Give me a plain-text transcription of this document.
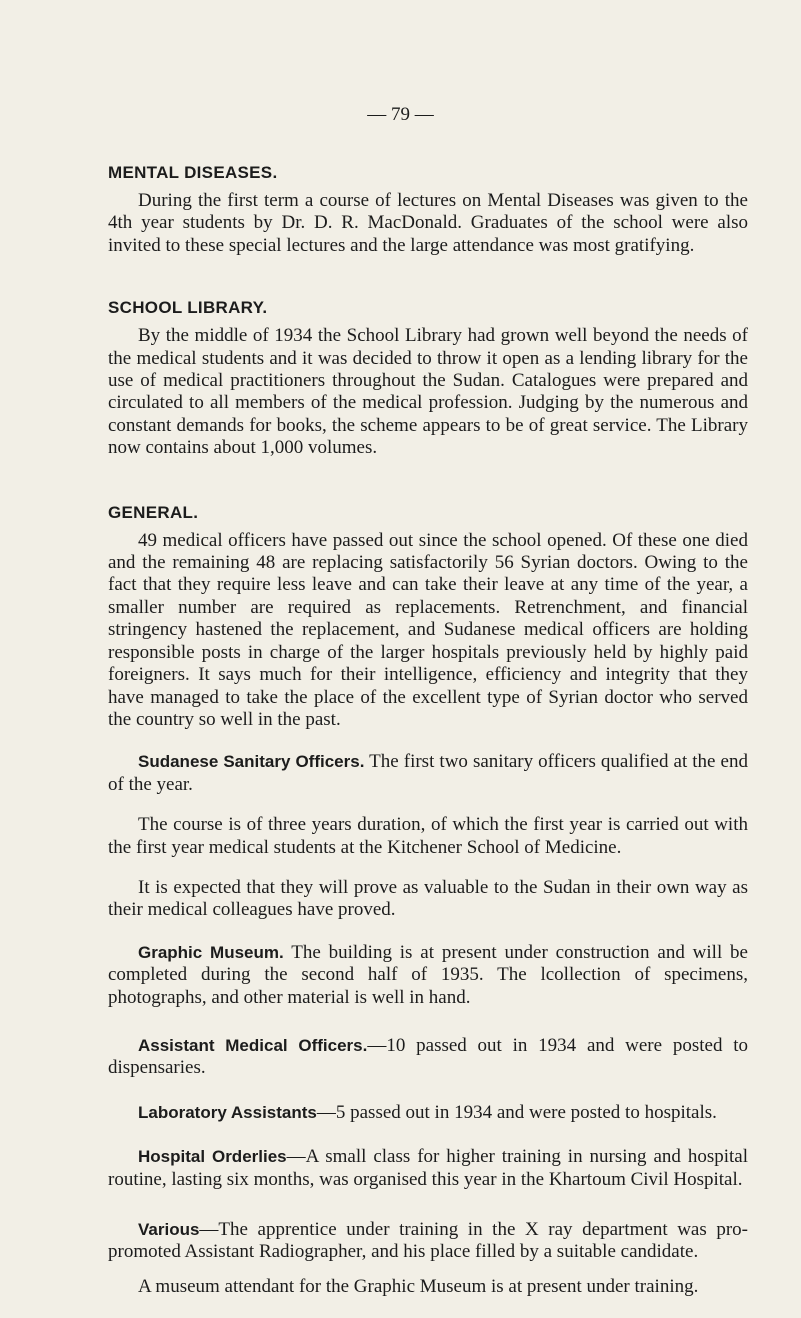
— 79 —
MENTAL DISEASES.

During the first term a course of lectures on Mental Diseases was given to the 4th year students by Dr. D. R. MacDonald. Graduates of the school were also invited to these special lectures and the large attendance was most gratifying.

SCHOOL LIBRARY.

By the middle of 1934 the School Library had grown well beyond the needs of the medical students and it was decided to throw it open as a lending library for the use of medical practitioners throughout the Sudan. Catalogues were prepared and circulated to all members of the medical profession. Judging by the numerous and constant demands for books, the scheme appears to be of great service. The Library now contains about 1,000 volumes.

GENERAL.

49 medical officers have passed out since the school opened. Of these one died and the remaining 48 are replacing satisfactorily 56 Syrian doctors. Owing to the fact that they require less leave and can take their leave at any time of the year, a smaller number are required as replacements. Retrenchment, and financial stringency hastened the replacement, and Sudanese medical officers are holding responsible posts in charge of the larger hospitals previously held by highly paid foreigners. It says much for their intelligence, efficiency and integrity that they have managed to take the place of the excellent type of Syrian doctor who served the country so well in the past.

Sudanese Sanitary Officers. The first two sanitary officers qualified at the end of the year.

The course is of three years duration, of which the first year is carried out with the first year medical students at the Kitchener School of Medicine.

It is expected that they will prove as valuable to the Sudan in their own way as their medical colleagues have proved.

Graphic Museum. The building is at present under construction and will be completed during the second half of 1935. The lcollection of specimens, photographs, and other material is well in hand.

Assistant Medical Officers.—10 passed out in 1934 and were posted to dispensaries.

Laboratory Assistants—5 passed out in 1934 and were posted to hospitals.

Hospital Orderlies—A small class for higher training in nursing and hospital routine, lasting six months, was organised this year in the Khartoum Civil Hospital.

Various—The apprentice under training in the X ray department was pro-promoted Assistant Radiographer, and his place filled by a suitable candidate.

A museum attendant for the Graphic Museum is at present under training.
